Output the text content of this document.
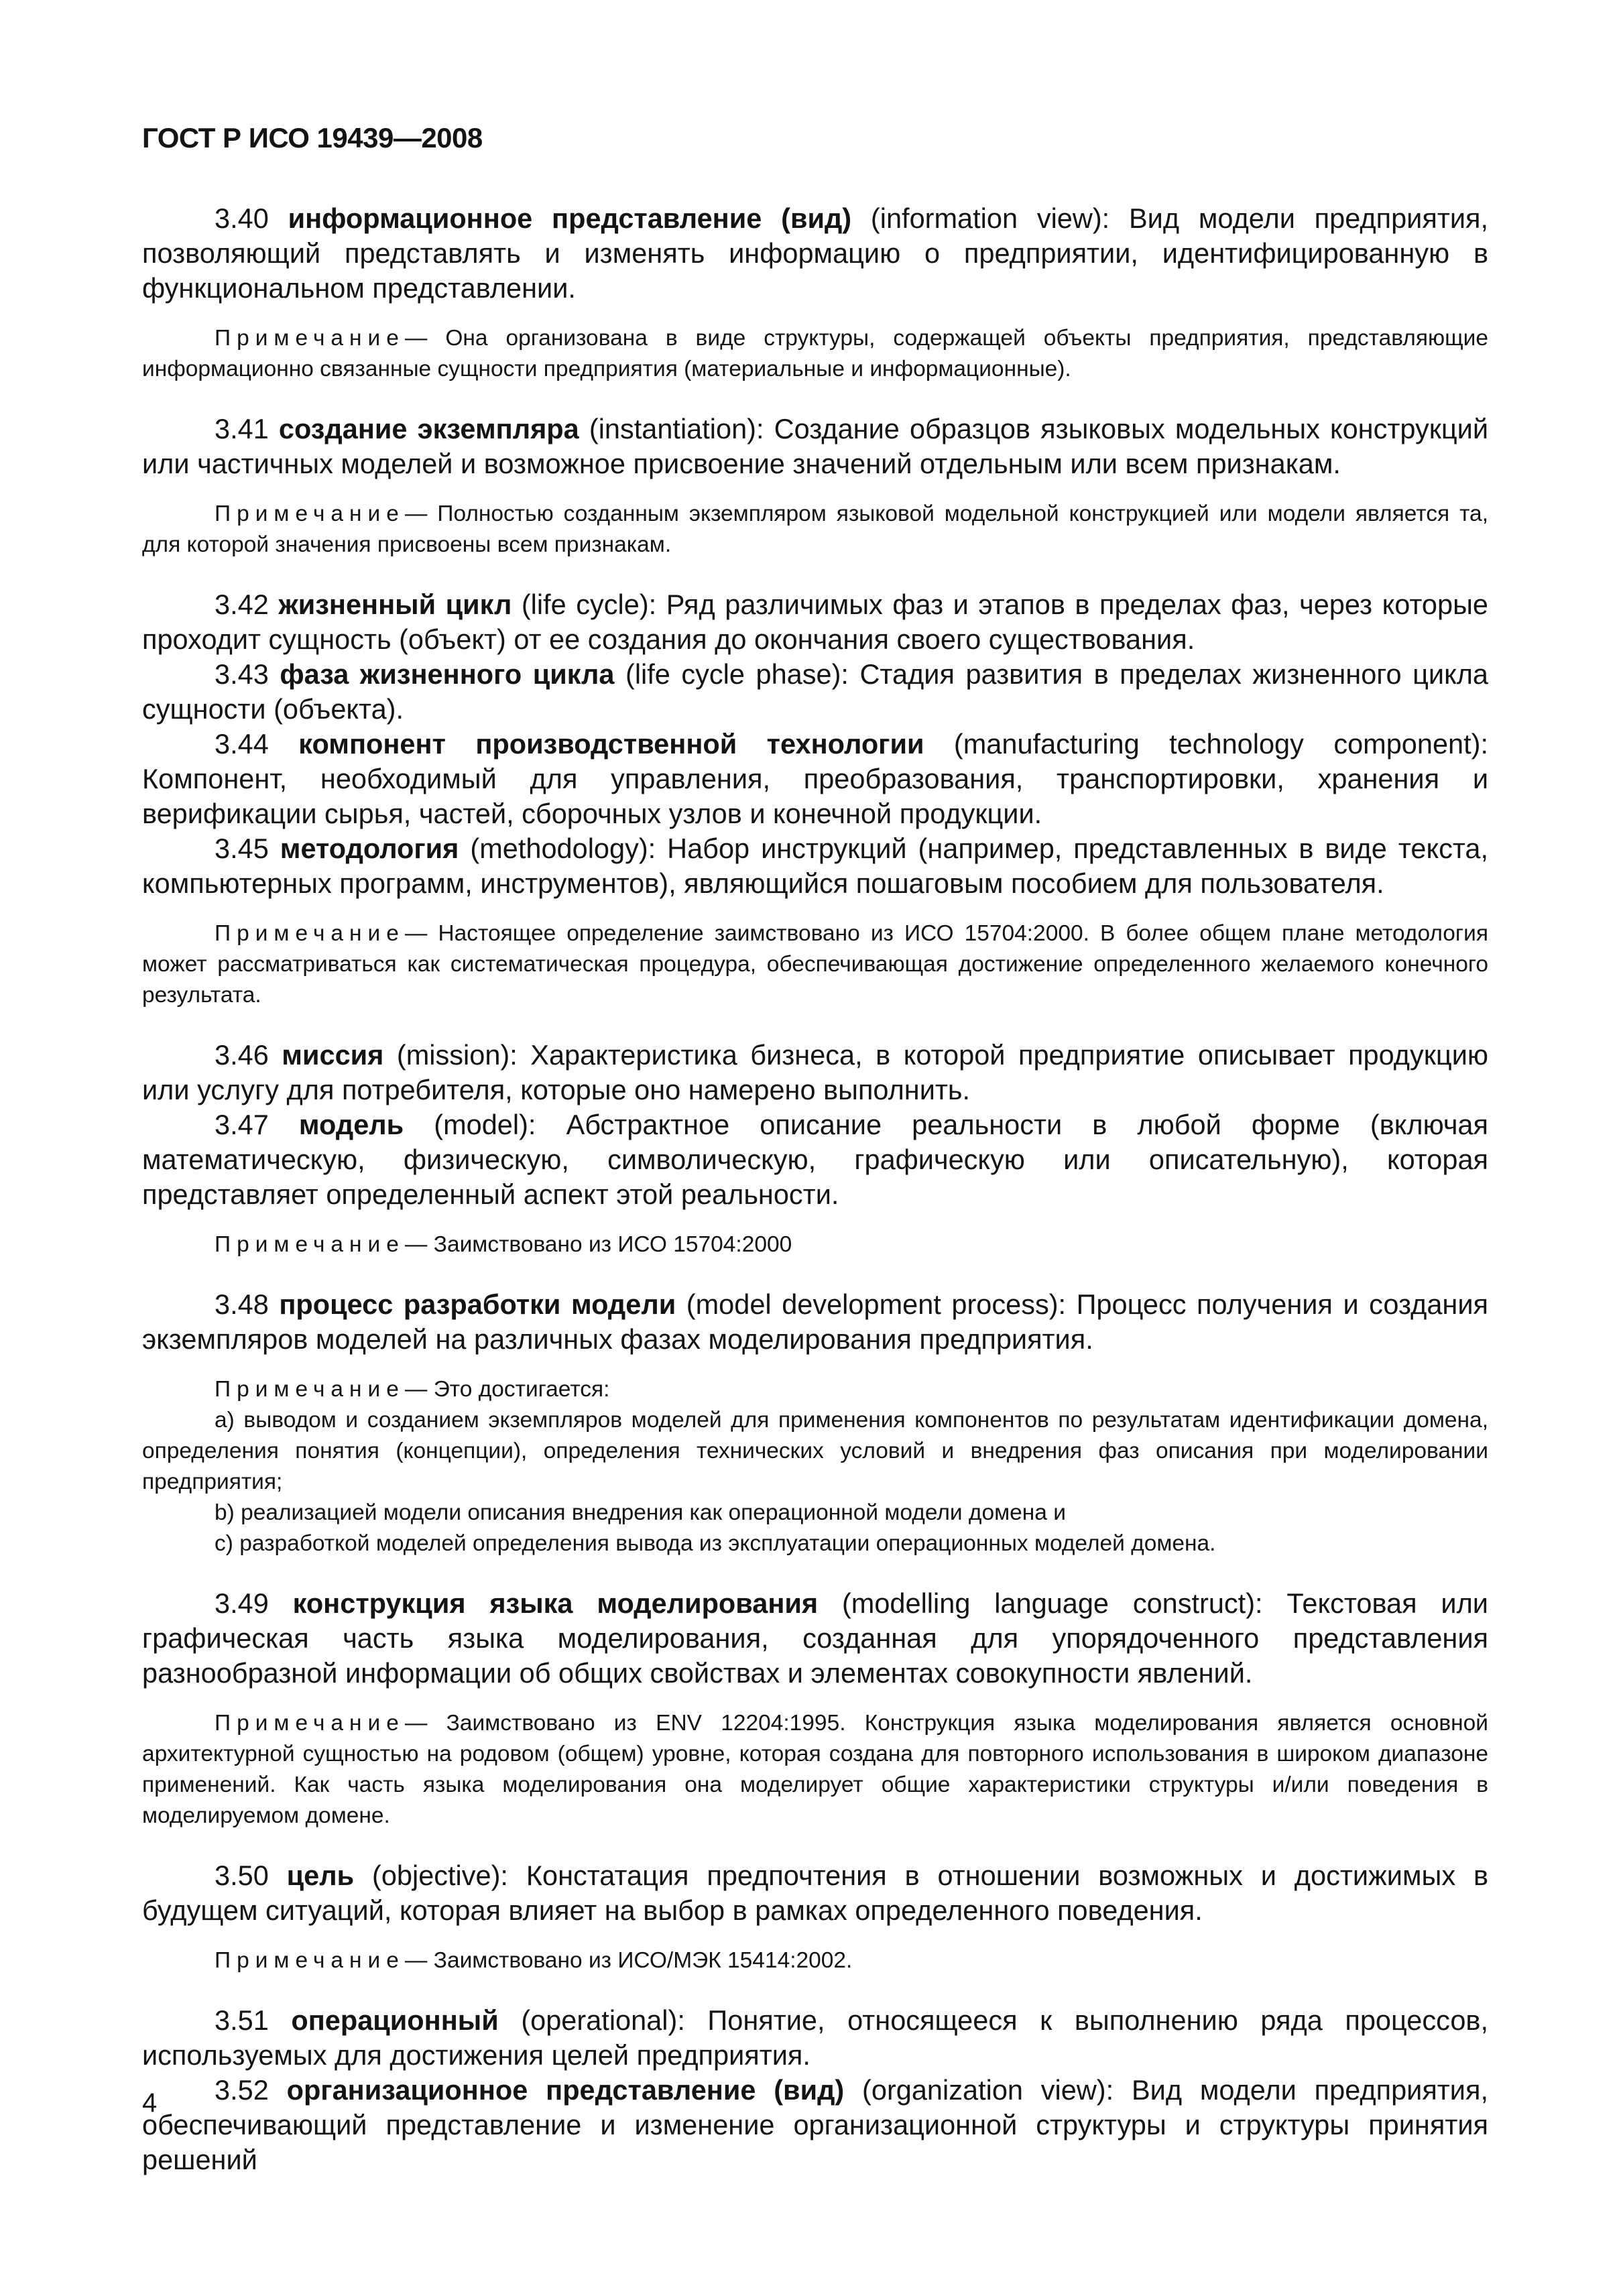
ГОСТ Р ИСО 19439—2008

3.40 информационное представление (вид) (information view): Вид модели предприятия, позволяющий представлять и изменять информацию о предприятии, идентифицированную в функциональном представлении.

Примечание— Она организована в виде структуры, содержащей объекты предприятия, представляющие информационно связанные сущности предприятия (материальные и информационные).

3.41 создание экземпляра (instantiation): Создание образцов языковых модельных конструкций или частичных моделей и возможное присвоение значений отдельным или всем признакам.

Примечание— Полностью созданным экземпляром языковой модельной конструкцией или модели является та, для которой значения присвоены всем признакам.

3.42 жизненный цикл (life cycle): Ряд различимых фаз и этапов в пределах фаз, через которые проходит сущность (объект) от ее создания до окончания своего существования.

3.43 фаза жизненного цикла (life cycle phase): Стадия развития в пределах жизненного цикла сущности (объекта).

3.44 компонент производственной технологии (manufacturing technology component): Компонент, необходимый для управления, преобразования, транспортировки, хранения и верификации сырья, частей, сборочных узлов и конечной продукции.

3.45 методология (methodology): Набор инструкций (например, представленных в виде текста, компьютерных программ, инструментов), являющийся пошаговым пособием для пользователя.

Примечание— Настоящее определение заимствовано из ИСО 15704:2000. В более общем плане методология может рассматриваться как систематическая процедура, обеспечивающая достижение определенного желаемого конечного результата.

3.46 миссия (mission): Характеристика бизнеса, в которой предприятие описывает продукцию или услугу для потребителя, которые оно намерено выполнить.

3.47 модель (model): Абстрактное описание реальности в любой форме (включая математическую, физическую, символическую, графическую или описательную), которая представляет определенный аспект этой реальности.

Примечание— Заимствовано из ИСО 15704:2000

3.48 процесс разработки модели (model development process): Процесс получения и создания экземпляров моделей на различных фазах моделирования предприятия.

Примечание— Это достигается:

a) выводом и созданием экземпляров моделей для применения компонентов по результатам идентификации домена, определения понятия (концепции), определения технических условий и внедрения фаз описания при моделировании предприятия;

b) реализацией модели описания внедрения как операционной модели домена и

c) разработкой моделей определения вывода из эксплуатации операционных моделей домена.

3.49 конструкция языка моделирования (modelling language construct): Текстовая или графическая часть языка моделирования, созданная для упорядоченного представления разнообразной информации об общих свойствах и элементах совокупности явлений.

Примечание— Заимствовано из ENV 12204:1995. Конструкция языка моделирования является основной архитектурной сущностью на родовом (общем) уровне, которая создана для повторного использования в широком диапазоне применений. Как часть языка моделирования она моделирует общие характеристики структуры и/или поведения в моделируемом домене.

3.50 цель (objective): Констатация предпочтения в отношении возможных и достижимых в будущем ситуаций, которая влияет на выбор в рамках определенного поведения.

Примечание— Заимствовано из ИСО/МЭК 15414:2002.

3.51 операционный (operational): Понятие, относящееся к выполнению ряда процессов, используемых для достижения целей предприятия.

3.52 организационное представление (вид) (organization view): Вид модели предприятия, обеспечивающий представление и изменение организационной структуры и структуры принятия решений

4
